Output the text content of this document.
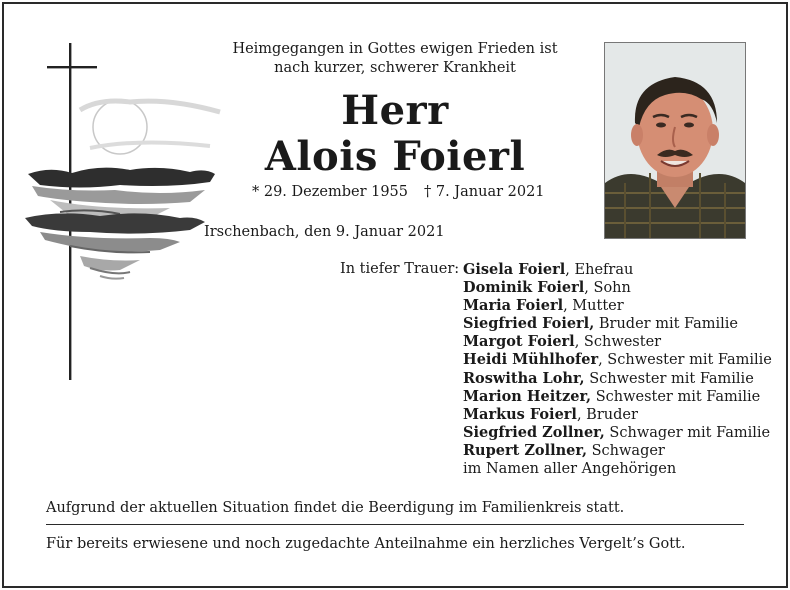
Heimgegangen in Gottes ewigen Frieden ist
nach kurzer, schwerer Krankheit
Herr
Alois Foierl
* 29. Dezember 1955 † 7. Januar 2021
Irschenbach, den 9. Januar 2021
In tiefer Trauer: Gisela Foierl, Ehefrau
Dominik Foierl, Sohn
Maria Foierl, Mutter
Siegfried Foierl, Bruder mit Familie
Margot Foierl, Schwester
Heidi Mühlhofer, Schwester mit Familie
Roswitha Lohr, Schwester mit Familie
Marion Heitzer, Schwester mit Familie
Markus Foierl, Bruder
Siegfried Zollner, Schwager mit Familie
Rupert Zollner, Schwager
im Namen aller Angehörigen
Aufgrund der aktuellen Situation findet die Beerdigung im Familienkreis statt.
Für bereits erwiesene und noch zugedachte Anteilnahme ein herzliches Vergelt’s Gott.
